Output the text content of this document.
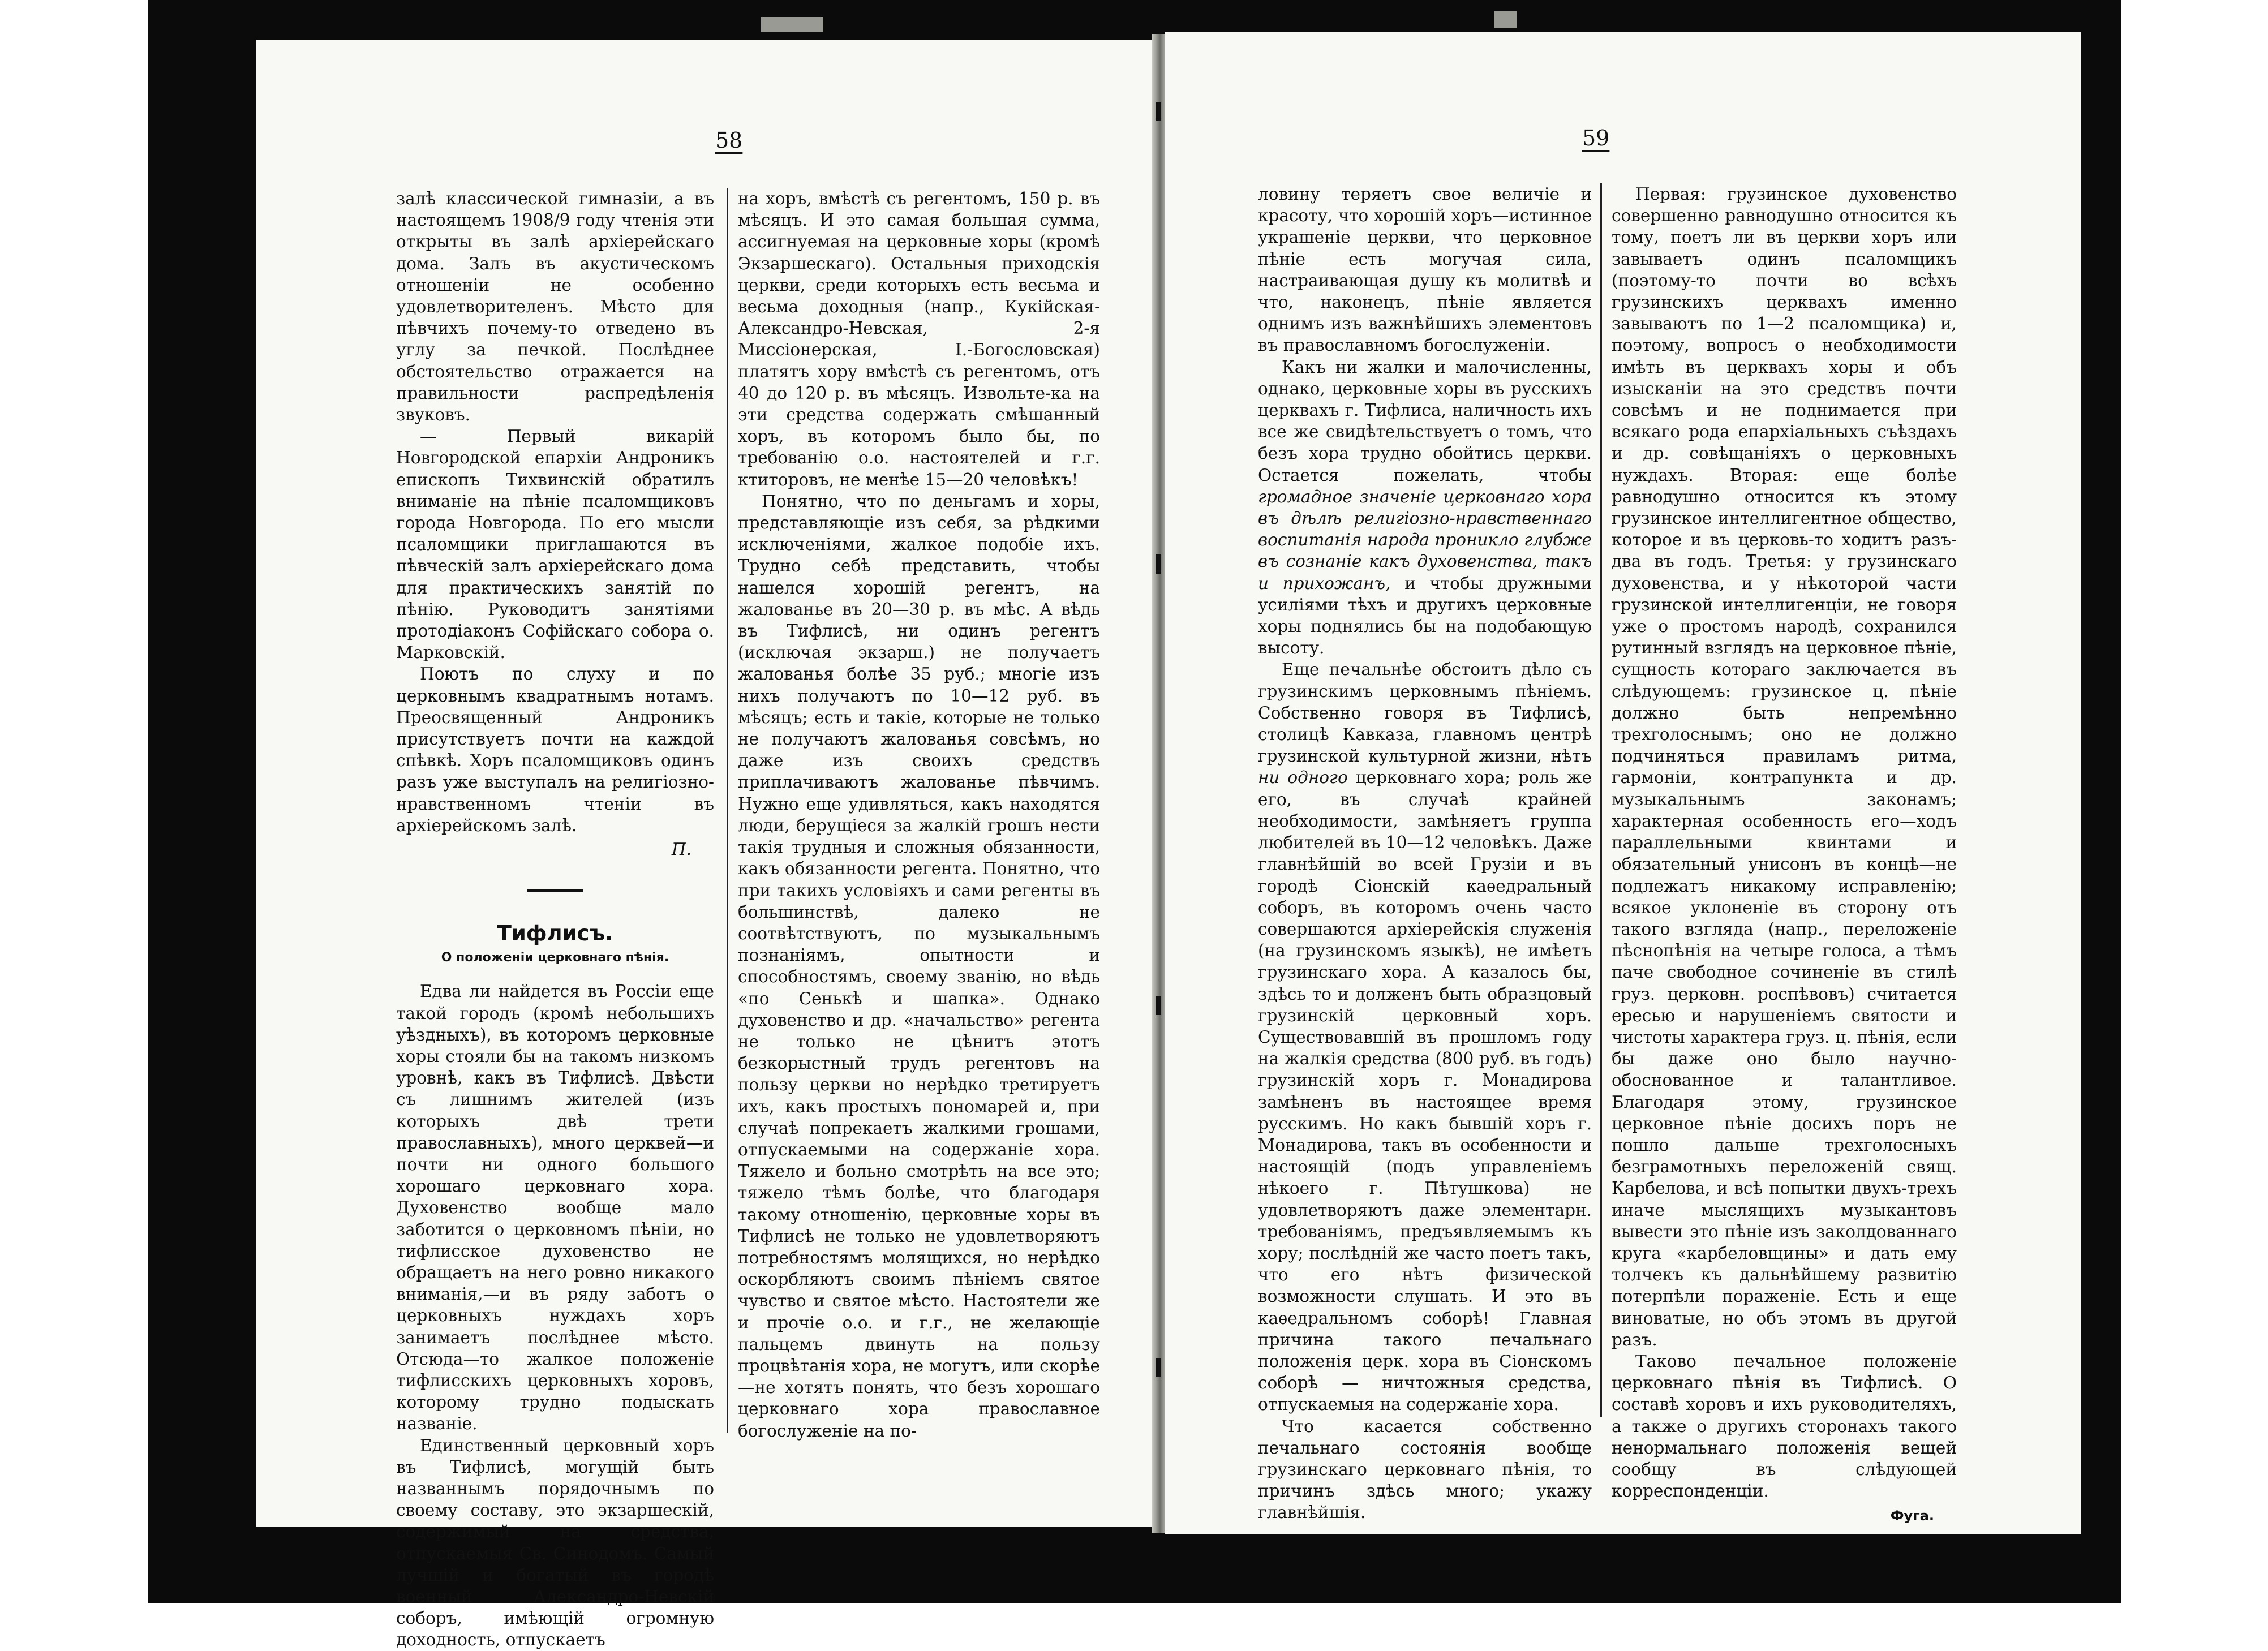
58

залѣ классической гимназіи, а въ настоящемъ 1908/9 году чтенія эти открыты въ залѣ архіерейскаго дома. Залъ въ акустическомъ отношеніи не особенно удовлетворителенъ. Мѣсто для пѣвчихъ почему-то отведено въ углу за печкой. Послѣднее обстоятельство отражается на правильности распредѣленія звуковъ.

— Первый викарій Новгородской епархіи Андроникъ епископъ Тихвинскій обратилъ вниманіе на пѣніе псаломщиковъ города Новгорода. По его мысли псаломщики приглашаются въ пѣвческій залъ архіерейскаго дома для практическихъ занятій по пѣнію. Руководитъ занятіями протодіаконъ Софійскаго собора о. Марковскій.

Поютъ по слуху и по церковнымъ квадратнымъ нотамъ. Преосвященный Андроникъ присутствуетъ почти на каждой спѣвкѣ. Хоръ псаломщиковъ одинъ разъ уже выступалъ на религіозно-нравственномъ чтеніи въ архіерейскомъ залѣ.

П.
Тифлисъ.
О положеніи церковнаго пѣнія.

Едва ли найдется въ Россіи еще такой городъ (кромѣ небольшихъ уѣздныхъ), въ которомъ церковные хоры стояли бы на такомъ низкомъ уровнѣ, какъ въ Тифлисѣ. Двѣсти съ лишнимъ жителей (изъ которыхъ двѣ трети православныхъ), много церквей—и почти ни одного большого хорошаго церковнаго хора. Духовенство вообще мало заботится о церковномъ пѣніи, но тифлисское духовенство не обращаетъ на него ровно никакого вниманія,—и въ ряду заботъ о церковныхъ нуждахъ хоръ занимаетъ послѣднее мѣсто. Отсюда—то жалкое положеніе тифлисскихъ церковныхъ хоровъ, которому трудно подыскать названіе.

Единственный церковный хоръ въ Тифлисѣ, могущій быть названнымъ порядочнымъ по своему составу, это экзаршескій, содержимый на средства, отпускаемыя Св. Синодомъ. Самый лучшій и богатый въ городѣ военный Александро-Невскій соборъ, имѣющій огромную доходность, отпускаетъ

на хоръ, вмѣстѣ съ регентомъ, 150 р. въ мѣсяцъ. И это самая большая сумма, ассигнуемая на церковные хоры (кромѣ Экзаршескаго). Остальныя приходскія церкви, среди которыхъ есть весьма и весьма доходныя (напр., Кукійская-Александро-Невская, 2-я Миссіонерская, І.-Богословская) платятъ хору вмѣстѣ съ регентомъ, отъ 40 до 120 р. въ мѣсяцъ. Извольте-ка на эти средства содержать смѣшанный хоръ, въ которомъ было бы, по требованію о.о. настоятелей и г.г. ктиторовъ, не менѣе 15—20 человѣкъ!

Понятно, что по деньгамъ и хоры, представляющіе изъ себя, за рѣдкими исключеніями, жалкое подобіе ихъ. Трудно себѣ представить, чтобы нашелся хорошій регентъ, на жалованье въ 20—30 р. въ мѣс. А вѣдь въ Тифлисѣ, ни одинъ регентъ (исключая экзарш.) не получаетъ жалованья болѣе 35 руб.; многіе изъ нихъ получаютъ по 10—12 руб. въ мѣсяцъ; есть и такіе, которые не только не получаютъ жалованья совсѣмъ, но даже изъ своихъ средствъ приплачиваютъ жалованье пѣвчимъ. Нужно еще удивляться, какъ находятся люди, берущіеся за жалкій грошъ нести такія трудныя и сложныя обязанности, какъ обязанности регента. Понятно, что при такихъ условіяхъ и сами регенты въ большинствѣ, далеко не соотвѣтствуютъ, по музыкальнымъ познаніямъ, опытности и способностямъ, своему званію, но вѣдь «по Сенькѣ и шапка». Однако духовенство и др. «начальство» регента не только не цѣнитъ этотъ безкорыстный трудъ регентовъ на пользу церкви но нерѣдко третируетъ ихъ, какъ простыхъ пономарей и, при случаѣ попрекаетъ жалкими грошами, отпускаемыми на содержаніе хора. Тяжело и больно смотрѣть на все это; тяжело тѣмъ болѣе, что благодаря такому отношенію, церковные хоры въ Тифлисѣ не только не удовлетворяютъ потребностямъ молящихся, но нерѣдко оскорбляютъ своимъ пѣніемъ святое чувство и святое мѣсто. Настоятели же и прочіе о.о. и г.г., не желающіе пальцемъ двинуть на пользу процвѣтанія хора, не могутъ, или скорѣе—не хотятъ понять, что безъ хорошаго церковнаго хора православное богослуженіе на по-

59

ловину теряетъ свое величіе и красоту, что хорошій хоръ—истинное украшеніе церкви, что церковное пѣніе есть могучая сила, настраивающая душу къ молитвѣ и что, наконецъ, пѣніе является однимъ изъ важнѣйшихъ элементовъ въ православномъ богослуженіи.

Какъ ни жалки и малочисленны, однако, церковные хоры въ русскихъ церквахъ г. Тифлиса, наличность ихъ все же свидѣтельствуетъ о томъ, что безъ хора трудно обойтись церкви. Остается пожелать, чтобы громадное значеніе церковнаго хора въ дѣлѣ религіозно-нравственнаго воспитанія народа проникло глубже въ сознаніе какъ духовенства, такъ и прихожанъ, и чтобы дружными усиліями тѣхъ и другихъ церковные хоры поднялись бы на подобающую высоту.

Еще печальнѣе обстоитъ дѣло съ грузинскимъ церковнымъ пѣніемъ. Собственно говоря въ Тифлисѣ, столицѣ Кавказа, главномъ центрѣ грузинской культурной жизни, нѣтъ ни одного церковнаго хора; роль же его, въ случаѣ крайней необходимости, замѣняетъ группа любителей въ 10—12 человѣкъ. Даже главнѣйшій во всей Грузіи и въ городѣ Сіонскій каѳедральный соборъ, въ которомъ очень часто совершаются архіерейскія служенія (на грузинскомъ языкѣ), не имѣетъ грузинскаго хора. А казалось бы, здѣсь то и долженъ быть образцовый грузинскій церковный хоръ. Существовавшій въ прошломъ году на жалкія средства (800 руб. въ годъ) грузинскій хоръ г. Монадирова замѣненъ въ настоящее время русскимъ. Но какъ бывшій хоръ г. Монадирова, такъ въ особенности и настоящій (подъ управленіемъ нѣкоего г. Пѣтушкова) не удовлетворяютъ даже элементарн. требованіямъ, предъявляемымъ къ хору; послѣдній же часто поетъ такъ, что его нѣтъ физической возможности слушать. И это въ каѳедральномъ соборѣ! Главная причина такого печальнаго положенія церк. хора въ Сіонскомъ соборѣ — ничтожныя средства, отпускаемыя на содержаніе хора.

Что касается собственно печальнаго состоянія вообще грузинскаго церковнаго пѣнія, то причинъ здѣсь много; укажу главнѣйшія.

Первая: грузинское духовенство совершенно равнодушно относится къ тому, поетъ ли въ церкви хоръ или завываетъ одинъ псаломщикъ (поэтому-то почти во всѣхъ грузинскихъ церквахъ именно завываютъ по 1—2 псаломщика) и, поэтому, вопросъ о необходимости имѣть въ церквахъ хоры и объ изысканіи на это средствъ почти совсѣмъ и не поднимается при всякаго рода епархіальныхъ съѣздахъ и др. совѣщаніяхъ о церковныхъ нуждахъ. Вторая: еще болѣе равнодушно относится къ этому грузинское интеллигентное общество, которое и въ церковь-то ходитъ разъ-два въ годъ. Третья: у грузинскаго духовенства, и у нѣкоторой части грузинской интеллигенціи, не говоря уже о простомъ народѣ, сохранился рутинный взглядъ на церковное пѣніе, сущность котораго заключается въ слѣдующемъ: грузинское ц. пѣніе должно быть непремѣнно трехголоснымъ; оно не должно подчиняться правиламъ ритма, гармоніи, контрапункта и др. музыкальнымъ законамъ; характерная особенность его—ходъ параллельными квинтами и обязательный унисонъ въ концѣ—не подлежатъ никакому исправленію; всякое уклоненіе въ сторону отъ такого взгляда (напр., переложеніе пѣснопѣнія на четыре голоса, а тѣмъ паче свободное сочиненіе въ стилѣ груз. церковн. роспѣвовъ) считается ересью и нарушеніемъ святости и чистоты характера груз. ц. пѣнія, если бы даже оно было научно-обоснованное и талантливое. Благодаря этому, грузинское церковное пѣніе досихъ поръ не пошло дальше трехголосныхъ безграмотныхъ переложеній свящ. Карбелова, и всѣ попытки двухъ-трехъ иначе мыслящихъ музыкантовъ вывести это пѣніе изъ заколдованнаго круга «карбеловщины» и дать ему толчекъ къ дальнѣйшему развитію потерпѣли пораженіе. Есть и еще виноватые, но объ этомъ въ другой разъ.

Таково печальное положеніе церковнаго пѣнія въ Тифлисѣ. О составѣ хоровъ и ихъ руководителяхъ, а также о другихъ сторонахъ такого ненормальнаго положенія вещей сообщу въ слѣдующей корреспонденціи.

Фуга.
